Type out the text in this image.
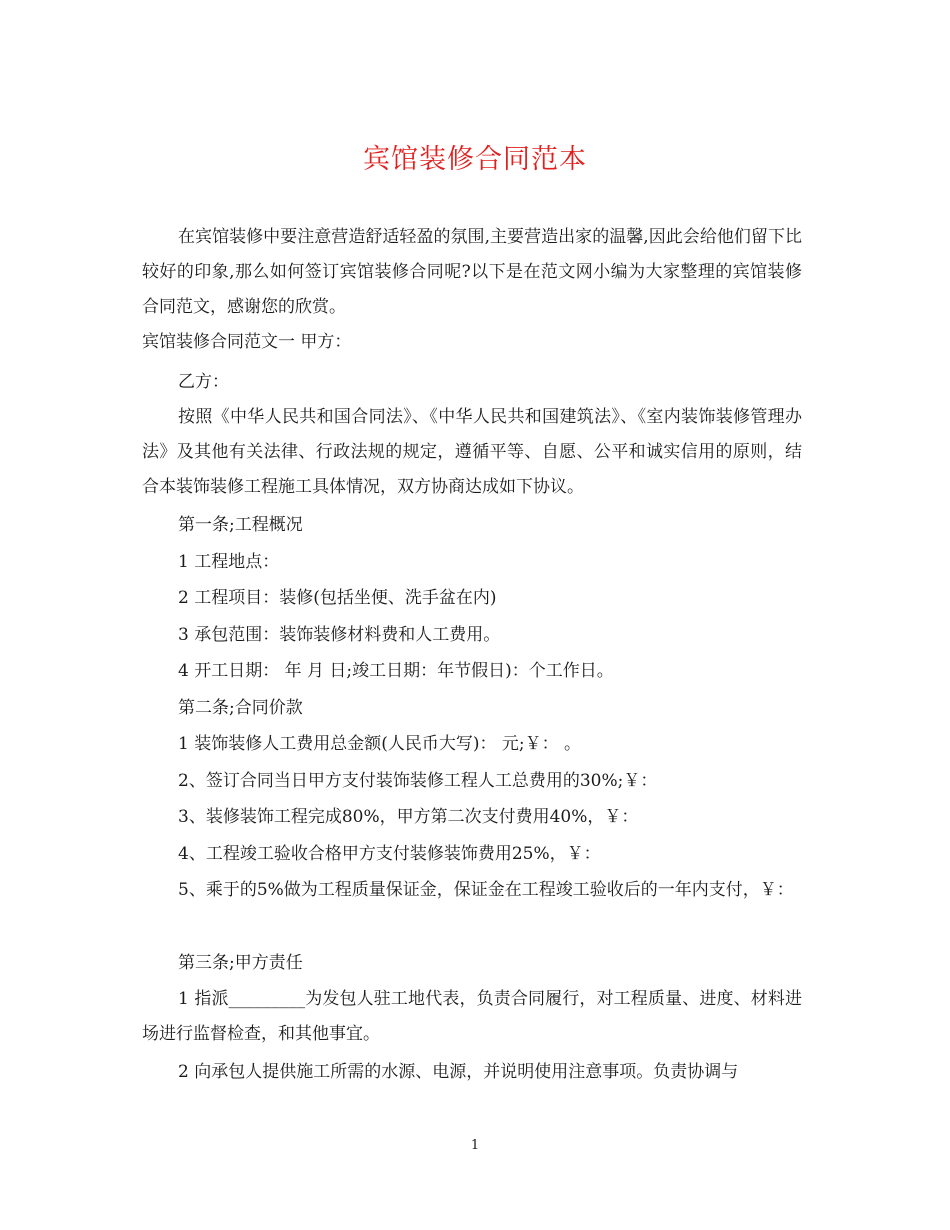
宾馆装修合同范本
在宾馆装修中要注意营造舒适轻盈的氛围,主要营造出家的温馨,因此会给他们留下比较好的印象,那么如何签订宾馆装修合同呢?以下是在范文网小编为大家整理的宾馆装修合同范文，感谢您的欣赏。
宾馆装修合同范文一 甲方：
乙方：
按照《中华人民共和国合同法》、《中华人民共和国建筑法》、《室内装饰装修管理办法》及其他有关法律、行政法规的规定，遵循平等、自愿、公平和诚实信用的原则，结合本装饰装修工程施工具体情况，双方协商达成如下协议。
第一条;工程概况
1 工程地点：
2 工程项目：装修(包括坐便、洗手盆在内)
3 承包范围：装饰装修材料费和人工费用。
4 开工日期： 年 月 日;竣工日期：年节假日)：个工作日。
第二条;合同价款
1 装饰装修人工费用总金额(人民币大写)： 元;￥： 。
2、签订合同当日甲方支付装饰装修工程人工总费用的30%;￥：
3、装修装饰工程完成80%，甲方第二次支付费用40%，￥：
4、工程竣工验收合格甲方支付装修装饰费用25%，￥：
5、乘于的5%做为工程质量保证金，保证金在工程竣工验收后的一年内支付，￥：
第三条;甲方责任
1 指派_________为发包人驻工地代表，负责合同履行，对工程质量、进度、材料进场进行监督检查，和其他事宜。
2 向承包人提供施工所需的水源、电源，并说明使用注意事项。负责协调与
1
